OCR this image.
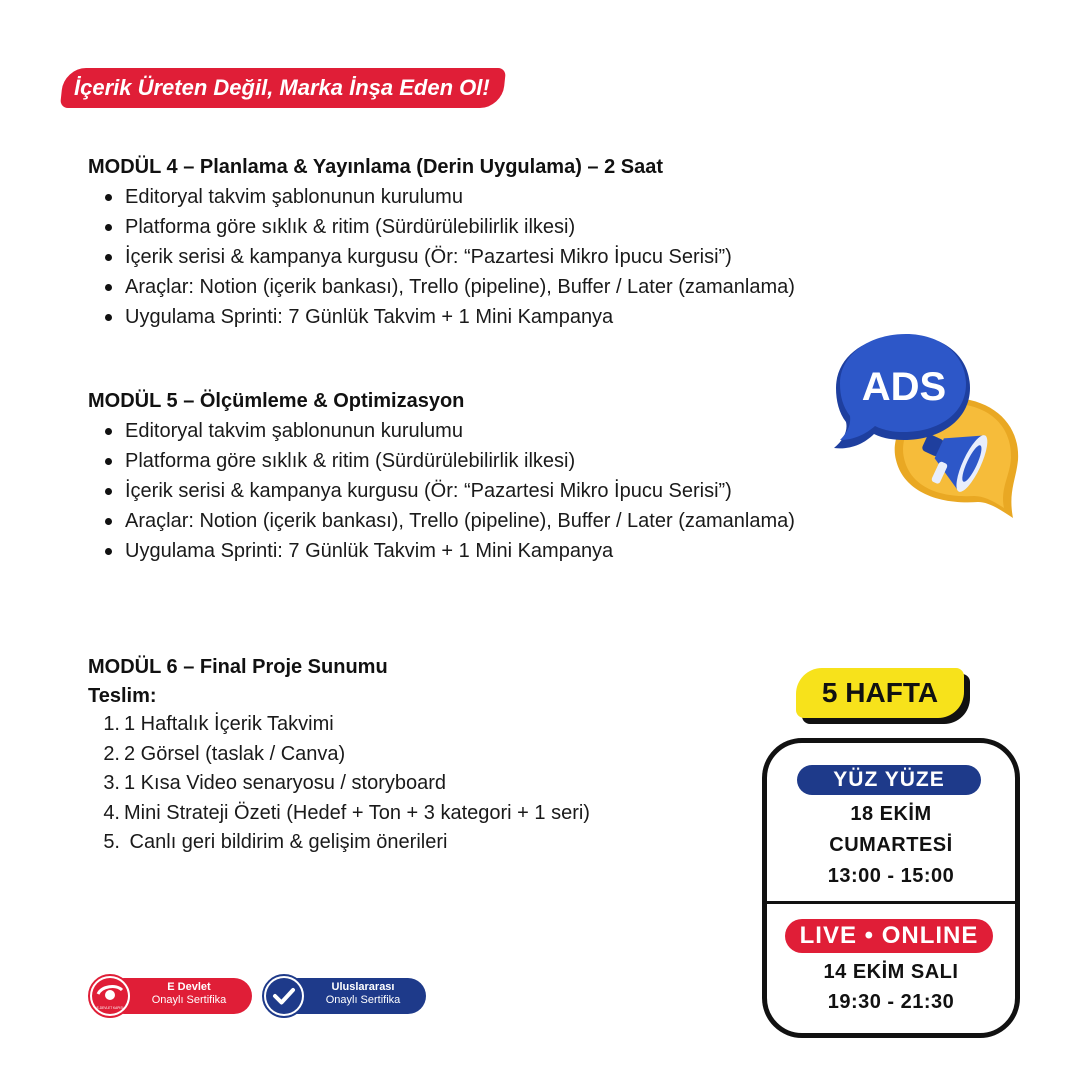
İçerik Üreten Değil, Marka İnşa Eden Ol!

MODÜL 4 – Planlama & Yayınlama (Derin Uygulama) – 2 Saat

Editoryal takvim şablonunun kurulumu
Platforma göre sıklık & ritim (Sürdürülebilirlik ilkesi)
İçerik serisi & kampanya kurgusu (Ör: “Pazartesi Mikro İpucu Serisi”)
Araçlar: Notion (içerik bankası), Trello (pipeline), Buffer / Later (zamanlama)
Uygulama Sprinti: 7 Günlük Takvim + 1 Mini Kampanya

MODÜL 5 – Ölçümleme & Optimizasyon

Editoryal takvim şablonunun kurulumu
Platforma göre sıklık & ritim (Sürdürülebilirlik ilkesi)
İçerik serisi & kampanya kurgusu (Ör: “Pazartesi Mikro İpucu Serisi”)
Araçlar: Notion (içerik bankası), Trello (pipeline), Buffer / Later (zamanlama)
Uygulama Sprinti: 7 Günlük Takvim + 1 Mini Kampanya

MODÜL 6 – Final Proje Sunumu

Teslim:
1. 1 Haftalık İçerik Takvimi
2. 2 Görsel (taslak / Canva)
3. 1 Kısa Video senaryosu / storyboard
4. Mini Strateji Özeti (Hedef + Ton + 3 kategori + 1 seri)
5. Canlı geri bildirim & gelişim önerileri
ADS
5 HAFTA
YÜZ YÜZE
18 EKİM
CUMARTESİ
13:00 - 15:00
LIVE • ONLINE
14 EKİM SALI
19:30 - 21:30
E-DEVLET KAPISI
E Devlet
Onaylı Sertifika
Uluslararası
Onaylı Sertifika
